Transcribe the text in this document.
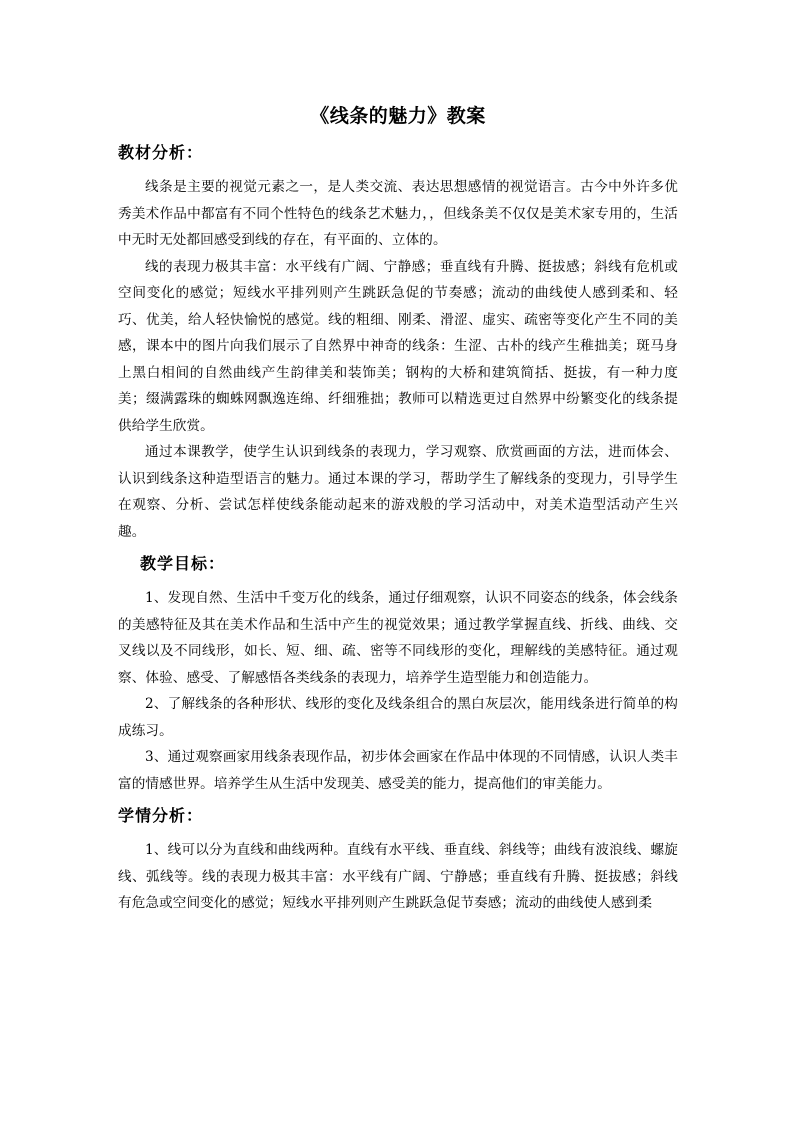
《线条的魅力》教案
教材分析：

线条是主要的视觉元素之一，是人类交流、表达思想感情的视觉语言。古今中外许多优秀美术作品中都富有不同个性特色的线条艺术魅力，，但线条美不仅仅是美术家专用的，生活中无时无处都回感受到线的存在，有平面的、立体的。

线的表现力极其丰富：水平线有广阔、宁静感；垂直线有升腾、挺拔感；斜线有危机或空间变化的感觉；短线水平排列则产生跳跃急促的节奏感；流动的曲线使人感到柔和、轻巧、优美，给人轻快愉悦的感觉。线的粗细、刚柔、滑涩、虚实、疏密等变化产生不同的美感，课本中的图片向我们展示了自然界中神奇的线条：生涩、古朴的线产生稚拙美；斑马身上黑白相间的自然曲线产生韵律美和装饰美；钢构的大桥和建筑简括、挺拔，有一种力度美；缀满露珠的蜘蛛网飘逸连绵、纤细雅拙；教师可以精选更过自然界中纷繁变化的线条提供给学生欣赏。

通过本课教学，使学生认识到线条的表现力，学习观察、欣赏画面的方法，进而体会、认识到线条这种造型语言的魅力。通过本课的学习，帮助学生了解线条的变现力，引导学生在观察、分析、尝试怎样使线条能动起来的游戏般的学习活动中，对美术造型活动产生兴趣。

教学目标：

1、发现自然、生活中千变万化的线条，通过仔细观察，认识不同姿态的线条，体会线条的美感特征及其在美术作品和生活中产生的视觉效果；通过教学掌握直线、折线、曲线、交叉线以及不同线形，如长、短、细、疏、密等不同线形的变化，理解线的美感特征。通过观察、体验、感受、了解感悟各类线条的表现力，培养学生造型能力和创造能力。

2、了解线条的各种形状、线形的变化及线条组合的黑白灰层次，能用线条进行简单的构成练习。

3、通过观察画家用线条表现作品，初步体会画家在作品中体现的不同情感，认识人类丰富的情感世界。培养学生从生活中发现美、感受美的能力，提高他们的审美能力。

学情分析：

1、线可以分为直线和曲线两种。直线有水平线、垂直线、斜线等；曲线有波浪线、螺旋线、弧线等。线的表现力极其丰富：水平线有广阔、宁静感；垂直线有升腾、挺拔感；斜线有危急或空间变化的感觉；短线水平排列则产生跳跃急促节奏感；流动的曲线使人感到柔
